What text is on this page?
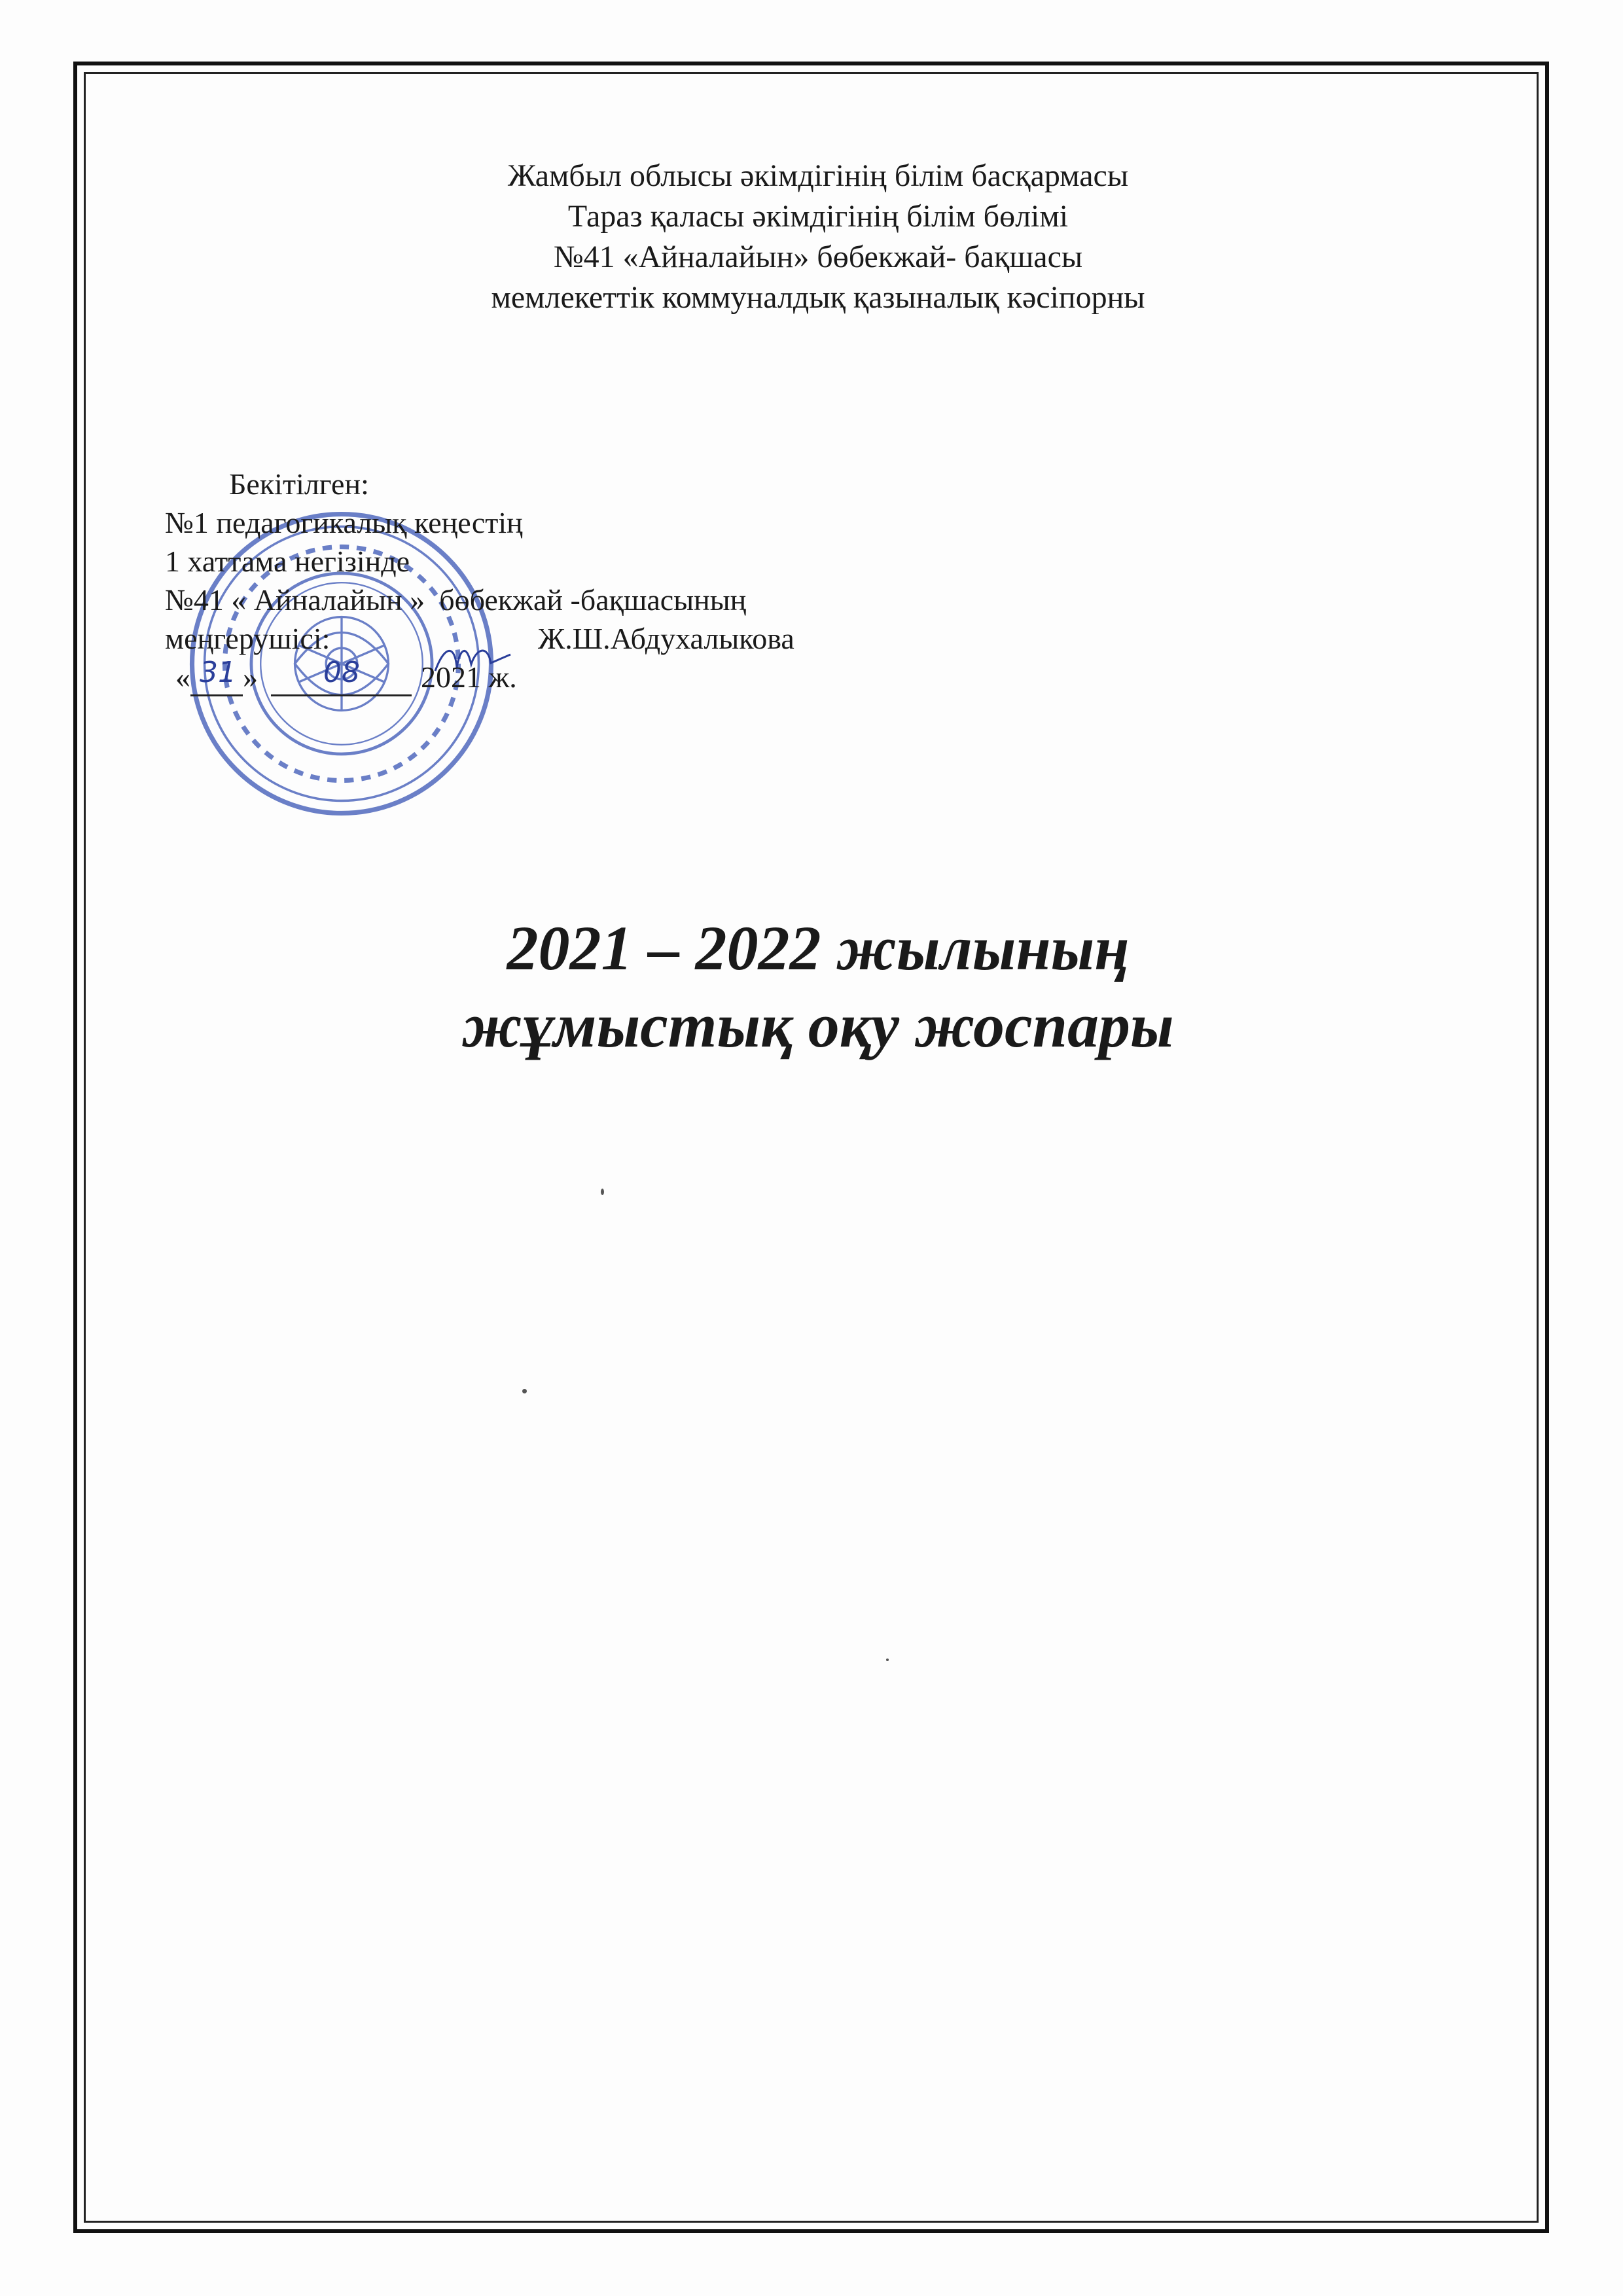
Жамбыл облысы әкімдігінің білім басқармасы
Тараз қаласы әкімдігінің білім бөлімі
№41 «Айналайын» бөбекжай- бақшасы
мемлекеттік коммуналдық қазыналық кәсіпорны
Бекітілген:
№1 педагогикалық кеңестің
1 хаттама негізінде
№41 « Айналайын » бөбекжай -бақшасының
меңгерушісі:	Ж.Ш.Абдухалыкова
« 31 » 08 2021 ж.
2021 – 2022 жылының
жұмыстық оқу жоспары
